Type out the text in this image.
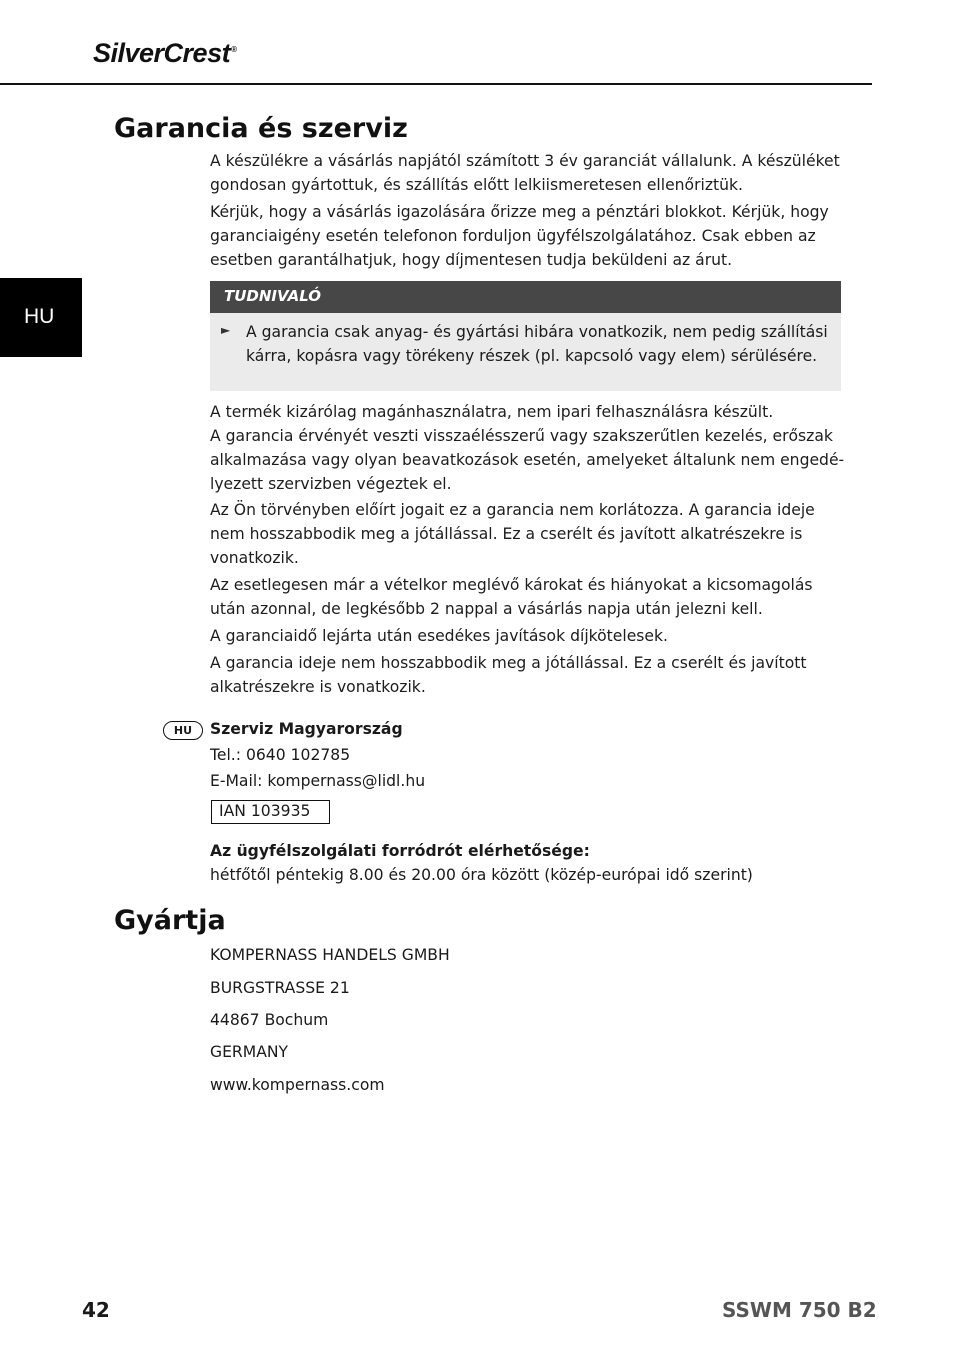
SilverCrest®
HU
Garancia és szerviz
A készülékre a vásárlás napjától számított 3 év garanciát vállalunk. A készüléket
gondosan gyártottuk, és szállítás előtt lelkiismeretesen ellenőriztük.
Kérjük, hogy a vásárlás igazolására őrizze meg a pénztári blokkot. Kérjük, hogy
garanciaigény esetén telefonon forduljon ügyfélszolgálatához. Csak ebben az
esetben garantálhatjuk, hogy díjmentesen tudja beküldeni az árut.
TUDNIVALÓ
► A garancia csak anyag- és gyártási hibára vonatkozik, nem pedig szállítási
kárra, kopásra vagy törékeny részek (pl. kapcsoló vagy elem) sérülésére.
A termék kizárólag magánhasználatra, nem ipari felhasználásra készült.
A garancia érvényét veszti visszaélésszerű vagy szakszerűtlen kezelés, erőszak
alkalmazása vagy olyan beavatkozások esetén, amelyeket általunk nem engedé-
lyezett szervizben végeztek el.
Az Ön törvényben előírt jogait ez a garancia nem korlátozza. A garancia ideje
nem hosszabbodik meg a jótállással. Ez a cserélt és javított alkatrészekre is
vonatkozik.
Az esetlegesen már a vételkor meglévő károkat és hiányokat a kicsomagolás
után azonnal, de legkésőbb 2 nappal a vásárlás napja után jelezni kell.
A garanciaidő lejárta után esedékes javítások díjkötelesek.
A garancia ideje nem hosszabbodik meg a jótállással. Ez a cserélt és javított
alkatrészekre is vonatkozik.
HU	Szerviz Magyarország
Tel.: 0640 102785
E-Mail: kompernass@lidl.hu
IAN 103935
Az ügyfélszolgálati forródrót elérhetősége:
hétfőtől péntekig 8.00 és 20.00 óra között (közép-európai idő szerint)
Gyártja
KOMPERNASS HANDELS GMBH
BURGSTRASSE 21
44867 Bochum
GERMANY
www.kompernass.com
42	SSWM 750 B2
